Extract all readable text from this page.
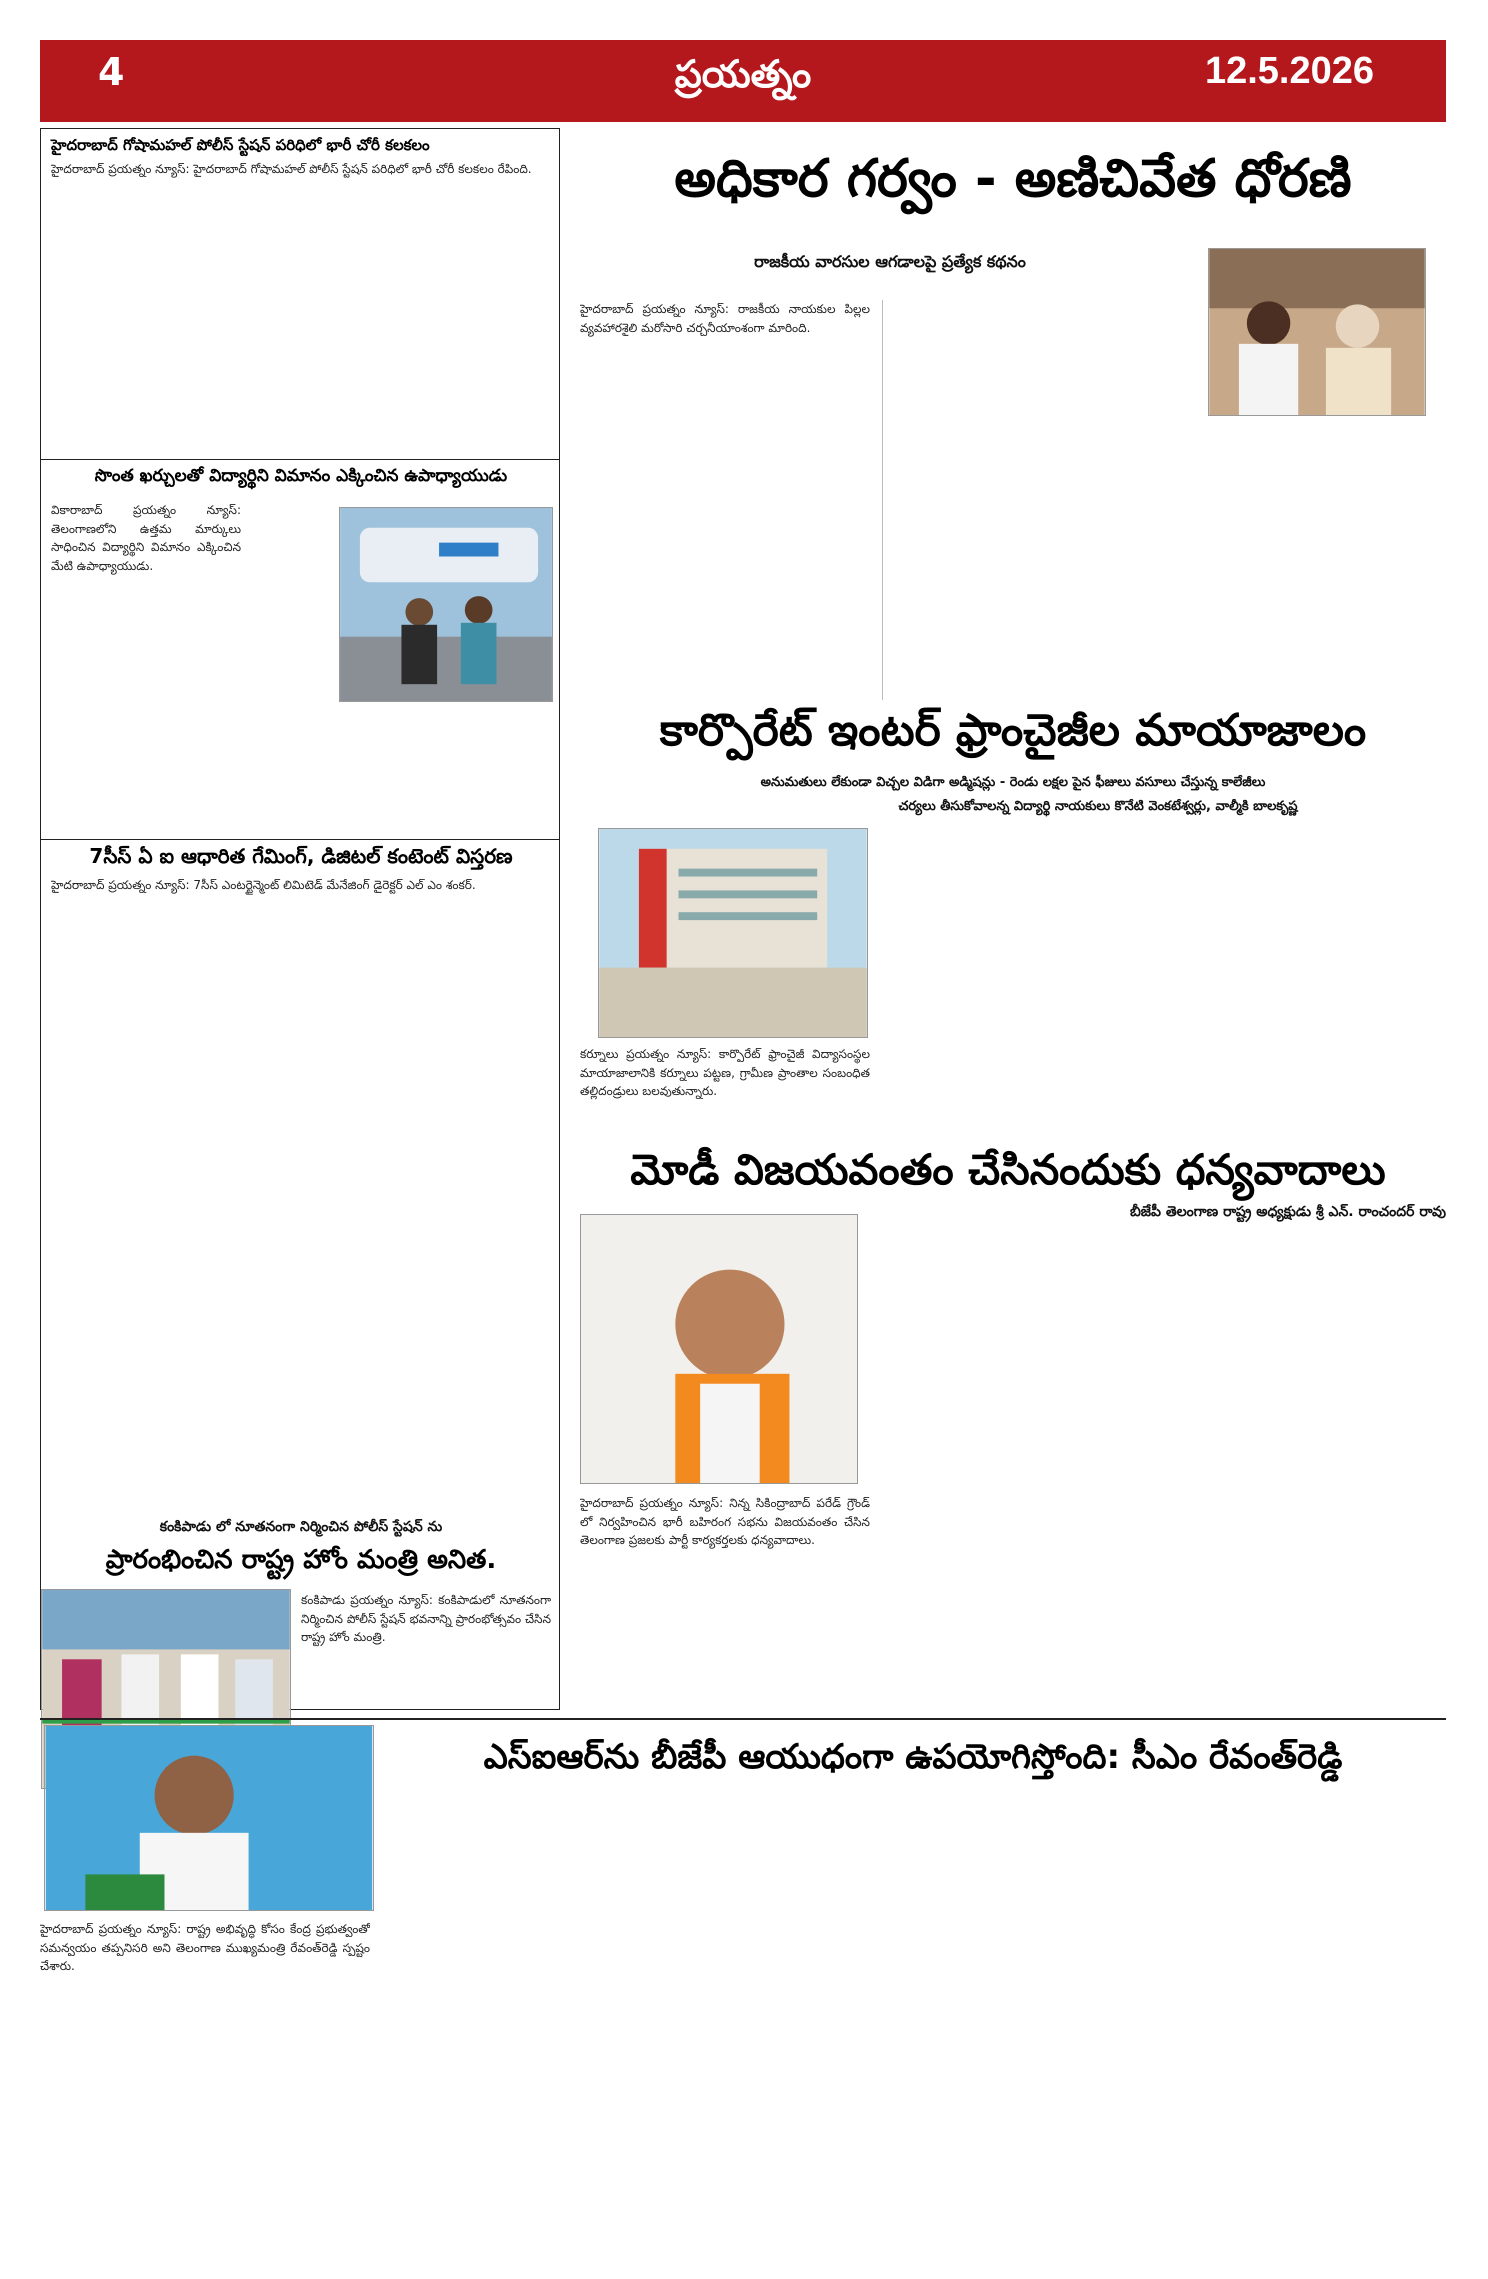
4	ప్రయత్నం	12.5.2026
హైదరాబాద్ గోషామహల్ పోలీస్ స్టేషన్ పరిధిలో భారీ చోరీ కలకలం
హైదరాబాద్ ప్రయత్నం న్యూస్: హైదరాబాద్ గోషామహల్ పోలీస్ స్టేషన్ పరిధిలో భారీ చోరీ కలకలం రేపింది.
సొంత ఖర్చులతో విద్యార్థిని విమానం ఎక్కించిన ఉపాధ్యాయుడు
వికారాబాద్ ప్రయత్నం న్యూస్: తెలంగాణలోని ఉత్తమ మార్కులు సాధించిన విద్యార్థిని విమానం ఎక్కించిన మేటి ఉపాధ్యాయుడు.
7సీస్ ఏ ఐ ఆధారిత గేమింగ్, డిజిటల్ కంటెంట్ విస్తరణ
హైదరాబాద్ ప్రయత్నం న్యూస్: 7సీస్ ఎంటర్టైన్మెంట్ లిమిటెడ్ మేనేజింగ్ డైరెక్టర్ ఎల్ ఎం శంకర్.
కంకిపాడు లో నూతనంగా నిర్మించిన పోలీస్ స్టేషన్ ను
ప్రారంభించిన రాష్ట్ర హోం మంత్రి అనిత.
కంకిపాడు ప్రయత్నం న్యూస్: కంకిపాడులో నూతనంగా నిర్మించిన పోలీస్ స్టేషన్ భవనాన్ని ప్రారంభోత్సవం చేసిన రాష్ట్ర హోం మంత్రి.
అధికార గర్వం - అణిచివేత ధోరణి
రాజకీయ వారసుల ఆగడాలపై ప్రత్యేక కథనం
హైదరాబాద్ ప్రయత్నం న్యూస్: రాజకీయ నాయకుల పిల్లల వ్యవహారశైలి మరోసారి చర్చనీయాంశంగా మారింది.
కార్పొరేట్ ఇంటర్ ఫ్రాంచైజీల మాయాజాలం
అనుమతులు లేకుండా విచ్చల విడిగా అడ్మిషన్లు - రెండు లక్షల పైన ఫీజులు వసూలు చేస్తున్న కాలేజీలు
చర్యలు తీసుకోవాలన్న విద్యార్థి నాయకులు కొనేటి వెంకటేశ్వర్లు, వాల్మీకి బాలకృష్ణ
కర్నూలు ప్రయత్నం న్యూస్: కార్పొరేట్ ఫ్రాంచైజీ విద్యాసంస్థల మాయాజాలానికి కర్నూలు పట్టణ, గ్రామీణ ప్రాంతాల సంబంధిత తల్లిదండ్రులు బలవుతున్నారు.
మోడీ విజయవంతం చేసినందుకు ధన్యవాదాలు
బీజేపీ తెలంగాణ రాష్ట్ర అధ్యక్షుడు శ్రీ ఎన్. రాంచందర్ రావు
హైదరాబాద్ ప్రయత్నం న్యూస్: నిన్న సికింద్రాబాద్ పరేడ్ గ్రౌండ్ లో నిర్వహించిన భారీ బహిరంగ సభను విజయవంతం చేసిన తెలంగాణ ప్రజలకు పార్టీ కార్యకర్తలకు ధన్యవాదాలు.
ఎస్ఐఆర్‌ను బీజేపీ ఆయుధంగా ఉపయోగిస్తోంది: సీఎం రేవంత్‌రెడ్డి
హైదరాబాద్ ప్రయత్నం న్యూస్: రాష్ట్ర అభివృద్ధి కోసం కేంద్ర ప్రభుత్వంతో సమన్వయం తప్పనిసరి అని తెలంగాణ ముఖ్యమంత్రి రేవంత్‌రెడ్డి స్పష్టం చేశారు.
